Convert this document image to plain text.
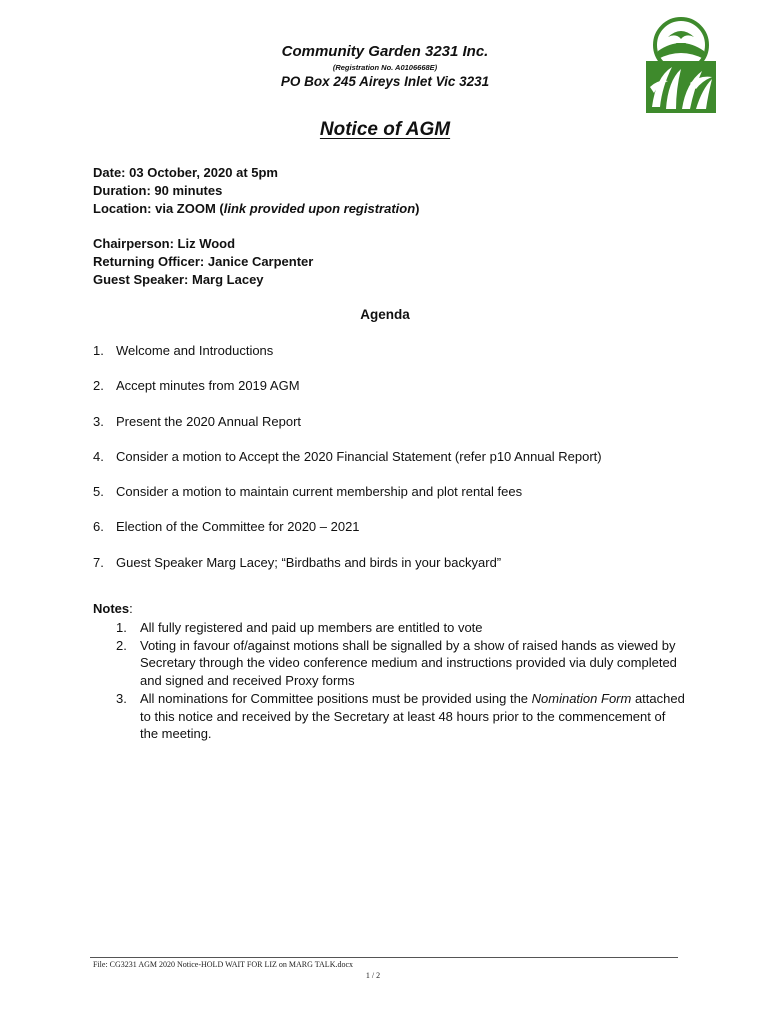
Community Garden 3231 Inc.
(Registration No. A0106668E)
PO Box 245 Aireys Inlet Vic 3231
Notice of AGM
Date: 03 October, 2020 at 5pm
Duration: 90 minutes
Location: via ZOOM (link provided upon registration)
Chairperson: Liz Wood
Returning Officer: Janice Carpenter
Guest Speaker: Marg Lacey
Agenda
1. Welcome and Introductions
2. Accept minutes from 2019 AGM
3. Present the 2020 Annual Report
4. Consider a motion to Accept the 2020 Financial Statement (refer p10 Annual Report)
5. Consider a motion to maintain current membership and plot rental fees
6. Election of the Committee for 2020 – 2021
7. Guest Speaker Marg Lacey; “Birdbaths and birds in your backyard”
Notes:
1.	All fully registered and paid up members are entitled to vote
2.	Voting in favour of/against motions shall be signalled by a show of raised hands as viewed by Secretary through the video conference medium and instructions provided via duly completed and signed and received Proxy forms
3.	All nominations for Committee positions must be provided using the Nomination Form attached to this notice and received by the Secretary at least 48 hours prior to the commencement of the meeting.
File: CG3231 AGM 2020 Notice-HOLD WAIT FOR LIZ on MARG TALK.docx
1 / 2
